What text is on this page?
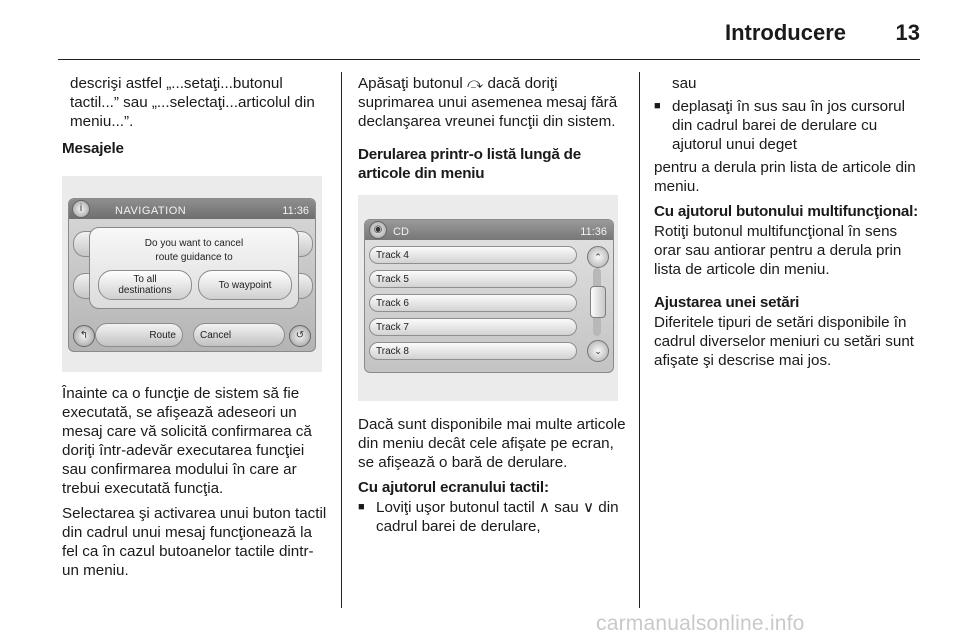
Introducere	13

descrişi astfel „...setaţi...butonul tactil...” sau „...selectaţi...articolul din meniu...”.

Mesajele
i	NAVIGATION	11:36
Do you want to cancel
route guidance to
To all
destinations	To waypoint
↰	Route	Cancel	↺

Înainte ca o funcţie de sistem să fie executată, se afişează adeseori un mesaj care vă solicită confirmarea că doriţi într-adevăr executarea funcţiei sau confirmarea modului în care ar trebui executată funcţia.

Selectarea şi activarea unui buton tactil din cadrul unui mesaj funcţionează la fel ca în cazul butoanelor tactile dintr-un meniu.

Apăsaţi butonul ⤼ dacă doriţi suprimarea unui asemenea mesaj fără declanşarea vreunei funcţii din sistem.

Derularea printr-o listă lungă de articole din meniu
◉ CD	11:36
Track 4
Track 5
Track 6
Track 7
Track 8
⌃
⌄

Dacă sunt disponibile mai multe articole din meniu decât cele afişate pe ecran, se afişează o bară de derulare.

Cu ajutorul ecranului tactil:
■ Loviţi uşor butonul tactil ∧ sau ∨ din cadrul barei de derulare,

sau

■ deplasaţi în sus sau în jos cursorul din cadrul barei de derulare cu ajutorul unui deget

pentru a derula prin lista de articole din meniu.

Cu ajutorul butonului multifuncţional:

Rotiţi butonul multifuncţional în sens orar sau antiorar pentru a derula prin lista de articole din meniu.

Ajustarea unei setări

Diferitele tipuri de setări disponibile în cadrul diverselor meniuri cu setări sunt afişate şi descrise mai jos.

carmanualsonline.info
